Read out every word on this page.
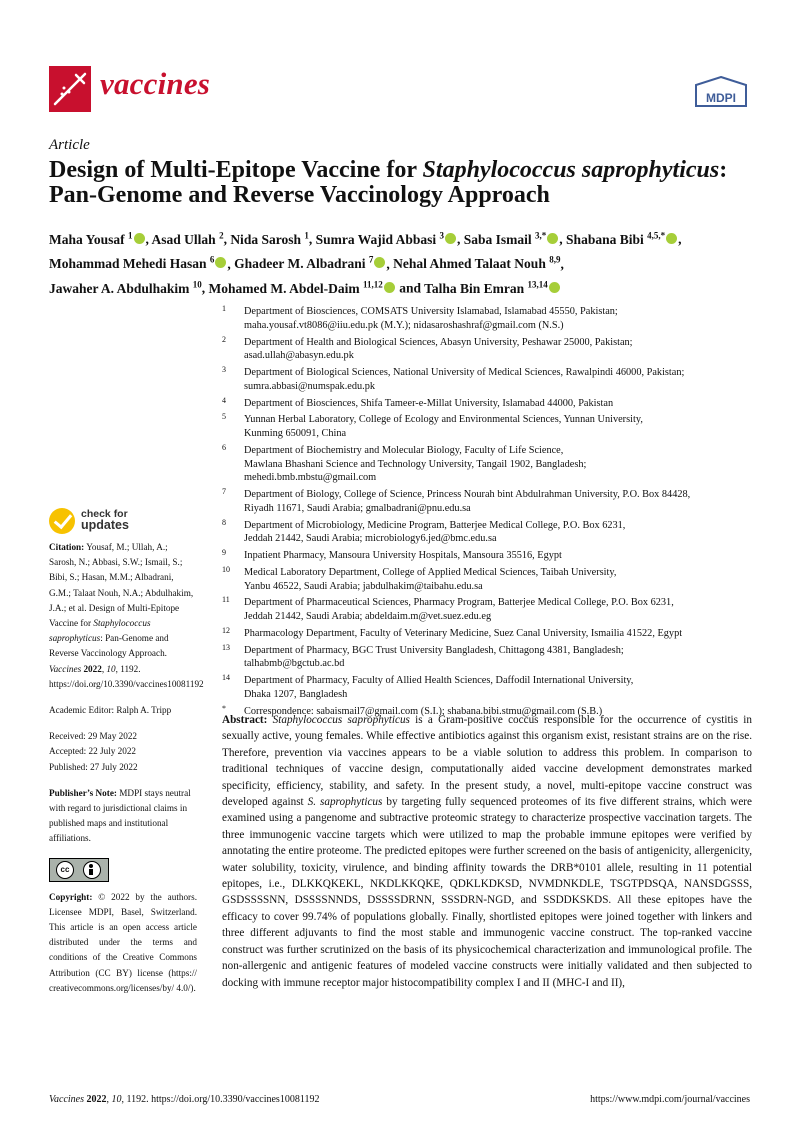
vaccines	MDPI
Article
Design of Multi-Epitope Vaccine for Staphylococcus saprophyticus: Pan-Genome and Reverse Vaccinology Approach
Maha Yousaf $^1$ , Asad Ullah $^2$, Nida Sarosh $^1$, Sumra Wajid Abbasi $^3$ , Saba Ismail $^{3,*}$ , Shabana Bibi $^{4,5,*}$ ,
Mohammad Mehedi Hasan $^6$ , Ghadeer M. Albadrani $^7$ , Nehal Ahmed Talaat Nouh $^{8,9}$,
Jawaher A. Abdulhakim $^{10}$, Mohamed M. Abdel-Daim $^{11,12}$ and Talha Bin Emran $^{13,14}$
1 Department of Biosciences, COMSATS University Islamabad, Islamabad 45550, Pakistan;
maha.yousaf.vt8086@iiu.edu.pk (M.Y.); nidasaroshashraf@gmail.com (N.S.)
2 Department of Health and Biological Sciences, Abasyn University, Peshawar 25000, Pakistan;
asad.ullah@abasyn.edu.pk
3 Department of Biological Sciences, National University of Medical Sciences, Rawalpindi 46000, Pakistan;
sumra.abbasi@numspak.edu.pk
4 Department of Biosciences, Shifa Tameer-e-Millat University, Islamabad 44000, Pakistan
5 Yunnan Herbal Laboratory, College of Ecology and Environmental Sciences, Yunnan University,
Kunming 650091, China
6 Department of Biochemistry and Molecular Biology, Faculty of Life Science,
Mawlana Bhashani Science and Technology University, Tangail 1902, Bangladesh;
mehedi.bmb.mbstu@gmail.com
7 Department of Biology, College of Science, Princess Nourah bint Abdulrahman University, P.O. Box 84428,
Riyadh 11671, Saudi Arabia; gmalbadrani@pnu.edu.sa
8 Department of Microbiology, Medicine Program, Batterjee Medical College, P.O. Box 6231,
Jeddah 21442, Saudi Arabia; microbiology6.jed@bmc.edu.sa
9 Inpatient Pharmacy, Mansoura University Hospitals, Mansoura 35516, Egypt
10 Medical Laboratory Department, College of Applied Medical Sciences, Taibah University,
Yanbu 46522, Saudi Arabia; jabdulhakim@taibahu.edu.sa
11 Department of Pharmaceutical Sciences, Pharmacy Program, Batterjee Medical College, P.O. Box 6231,
Jeddah 21442, Saudi Arabia; abdeldaim.m@vet.suez.edu.eg
12 Pharmacology Department, Faculty of Veterinary Medicine, Suez Canal University, Ismailia 41522, Egypt
13 Department of Pharmacy, BGC Trust University Bangladesh, Chittagong 4381, Bangladesh;
talhabmb@bgctub.ac.bd
14 Department of Pharmacy, Faculty of Allied Health Sciences, Daffodil International University,
Dhaka 1207, Bangladesh
* Correspondence: sabaismail7@gmail.com (S.I.); shabana.bibi.stmu@gmail.com (S.B.)
check for
updates

Citation: Yousaf, M.; Ullah, A.; Sarosh, N.; Abbasi, S.W.; Ismail, S.; Bibi, S.; Hasan, M.M.; Albadrani, G.M.; Talaat Nouh, N.A.; Abdulhakim, J.A.; et al. Design of Multi-Epitope Vaccine for Staphylococcus saprophyticus: Pan-Genome and Reverse Vaccinology Approach. Vaccines 2022, 10, 1192. https://doi.org/10.3390/vaccines10081192

Academic Editor: Ralph A. Tripp

Received: 29 May 2022
Accepted: 22 July 2022

Published: 27 July 2022

Publisher’s Note: MDPI stays neutral with regard to jurisdictional claims in published maps and institutional affiliations.

cc
Copyright: © 2022 by the authors. Licensee MDPI, Basel, Switzerland. This article is an open access article distributed under the terms and conditions of the Creative Commons Attribution (CC BY) license (https:// creativecommons.org/licenses/by/ 4.0/).
Abstract: Staphylococcus saprophyticus is a Gram-positive coccus responsible for the occurrence of cystitis in sexually active, young females. While effective antibiotics against this organism exist, resistant strains are on the rise. Therefore, prevention via vaccines appears to be a viable solution to address this problem. In comparison to traditional techniques of vaccine design, computationally aided vaccine development demonstrates marked specificity, efficiency, stability, and safety. In the present study, a novel, multi-epitope vaccine construct was developed against S. saprophyticus by targeting fully sequenced proteomes of its five different strains, which were examined using a pangenome and subtractive proteomic strategy to characterize prospective vaccination targets. The three immunogenic vaccine targets which were utilized to map the probable immune epitopes were verified by annotating the entire proteome. The predicted epitopes were further screened on the basis of antigenicity, allergenicity, water solubility, toxicity, virulence, and binding affinity towards the DRB*0101 allele, resulting in 11 potential epitopes, i.e., DLKKQKEKL, NKDLKKQKE, QDKLKDKSD, NVMDNKDLE, TSGTPDSQA, NANSDGSSS, GSDSSSSNN, DSSSSNNDS, DSSSSDRNN, SSSDRN-NGD, and SSDDKSKDS. All these epitopes have the efficacy to cover 99.74% of populations globally. Finally, shortlisted epitopes were joined together with linkers and three different adjuvants to find the most stable and immunogenic vaccine construct. The top-ranked vaccine construct was further scrutinized on the basis of its physicochemical characterization and immunological profile. The non-allergenic and antigenic features of modeled vaccine constructs were initially validated and then subjected to docking with immune receptor major histocompatibility complex I and II (MHC-I and II),
Vaccines 2022, 10, 1192. https://doi.org/10.3390/vaccines10081192	https://www.mdpi.com/journal/vaccines
